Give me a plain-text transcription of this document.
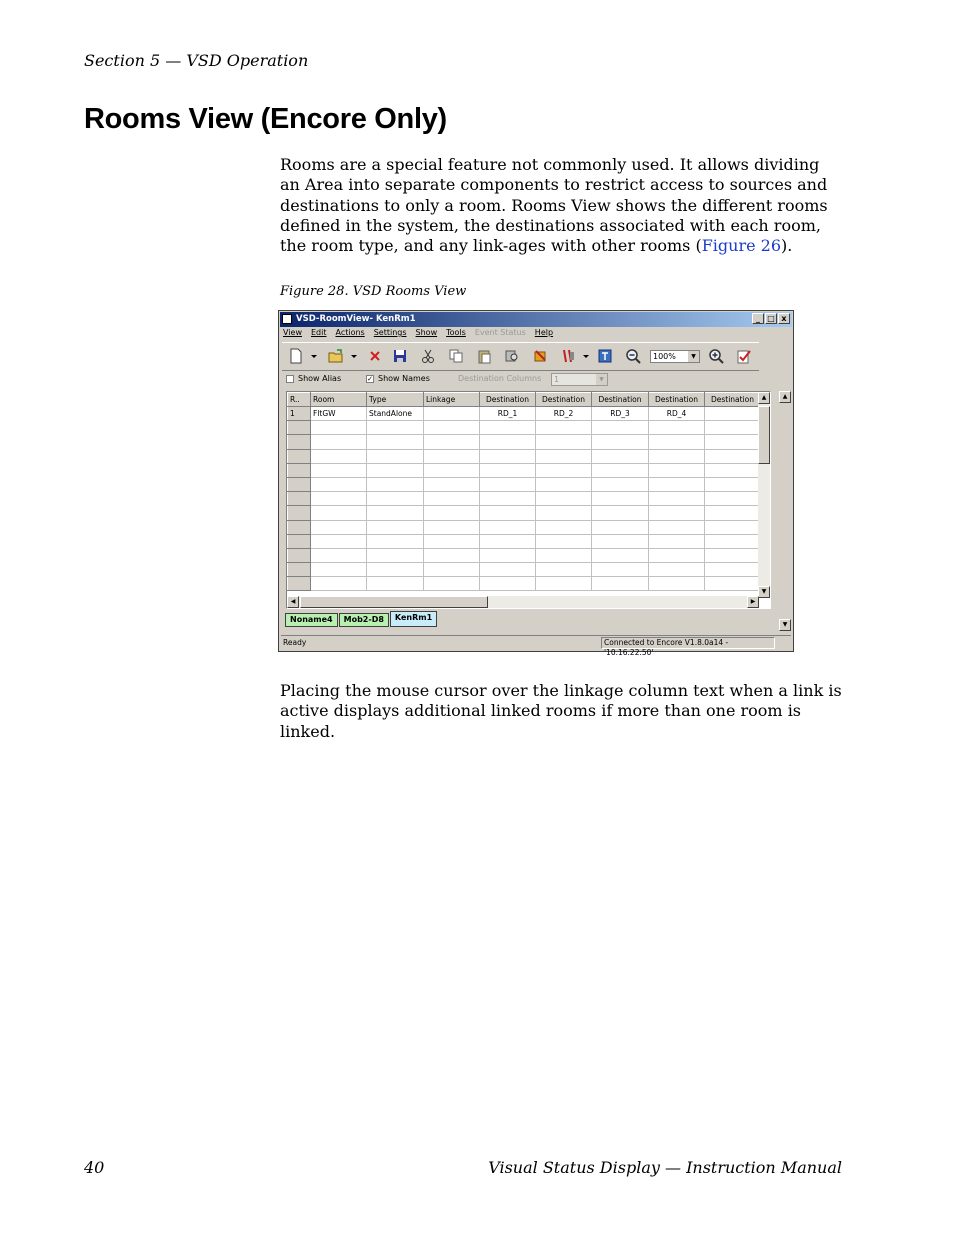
Section 5 — VSD Operation
Rooms View (Encore Only)

Rooms are a special feature not commonly used. It allows dividing an Area into separate components to restrict access to sources and destinations to only a room. Rooms View shows the different rooms defined in the system, the destinations associated with each room, the room type, and any link-ages with other rooms (Figure 26).

Figure 28. VSD Rooms View
VSD-RoomView- KenRm1	_ □ x
View Edit Actions Settings Show Tools Event Status Help
100%	▼
Show Alias	✓ Show Names	Destination Columns 1	▼
R..	Room	Type	Linkage	Destination	Destination	Destination	Destination	Destination
1	FltGW	StandAlone		RD_1	RD_2	RD_3	RD_4	

▲
▼
◀	▶
▲
▼
Noname4	Mob2-D8	KenRm1
Ready	Connected to Encore V1.8.0a14 - '10.16.22.50'

Placing the mouse cursor over the linkage column text when a link is active displays additional linked rooms if more than one room is linked.

40	Visual Status Display — Instruction Manual
